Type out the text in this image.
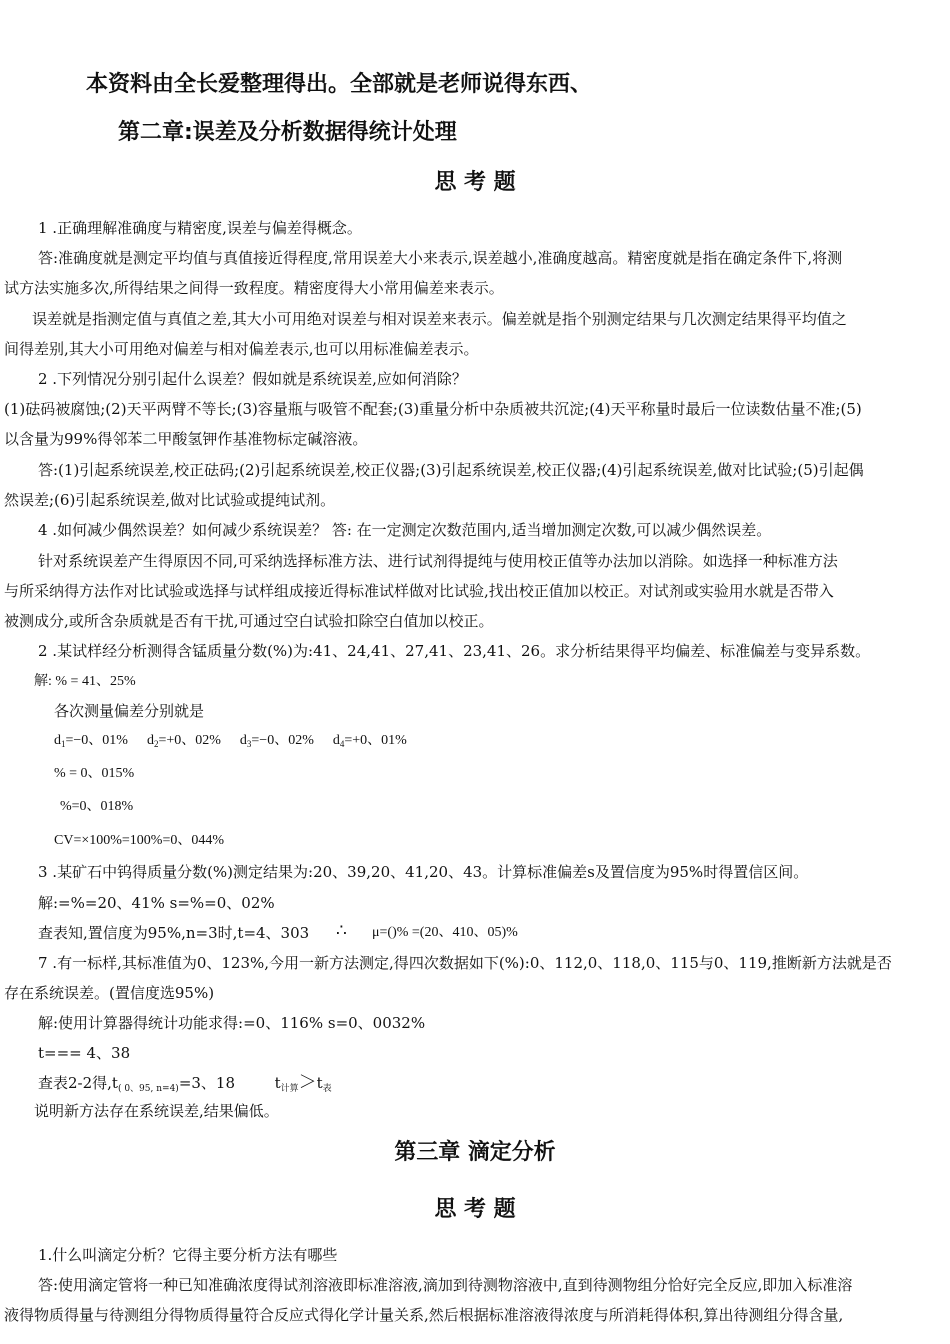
本资料由全长爱整理得出。全部就是老师说得东西、
第二章:误差及分析数据得统计处理
思 考 题
1 .正确理解准确度与精密度,误差与偏差得概念。
答:准确度就是测定平均值与真值接近得程度,常用误差大小来表示,误差越小,准确度越高。精密度就是指在确定条件下,将测
试方法实施多次,所得结果之间得一致程度。精密度得大小常用偏差来表示。
误差就是指测定值与真值之差,其大小可用绝对误差与相对误差来表示。偏差就是指个别测定结果与几次测定结果得平均值之
间得差别,其大小可用绝对偏差与相对偏差表示,也可以用标准偏差表示。
2 .下列情况分别引起什么误差？假如就是系统误差,应如何消除？
(1)砝码被腐蚀;(2)天平两臂不等长;(3)容量瓶与吸管不配套;(3)重量分析中杂质被共沉淀;(4)天平称量时最后一位读数估量不准;(5)
以含量为99%得邻苯二甲酸氢钾作基准物标定碱溶液。
答:(1)引起系统误差,校正砝码;(2)引起系统误差,校正仪器;(3)引起系统误差,校正仪器;(4)引起系统误差,做对比试验;(5)引起偶
然误差;(6)引起系统误差,做对比试验或提纯试剂。
4 .如何减少偶然误差？如何减少系统误差？ 答: 在一定测定次数范围内,适当增加测定次数,可以减少偶然误差。
针对系统误差产生得原因不同,可采纳选择标准方法、进行试剂得提纯与使用校正值等办法加以消除。如选择一种标准方法
与所采纳得方法作对比试验或选择与试样组成接近得标准试样做对比试验,找出校正值加以校正。对试剂或实验用水就是否带入
被测成分,或所含杂质就是否有干扰,可通过空白试验扣除空白值加以校正。
2 .某试样经分析测得含锰质量分数(%)为:41、24,41、27,41、23,41、26。求分析结果得平均偏差、标准偏差与变异系数。
解: % = 41、25%
各次测量偏差分别就是
$d_1=-0$、01% $d_2=+0$、02% $d_3=-0$、02% $d_4=+0$、01%
% = 0、015%
%=0、018%
CV=×100%=100%=0、044%
3 .某矿石中钨得质量分数(%)测定结果为:20、39,20、41,20、43。计算标准偏差s及置信度为95%时得置信区间。
解:=%=20、41% s=%=0、02%
查表知,置信度为95%,n=3时,t=4、303 ∴ μ=()% =(20、410、05)%
7 .有一标样,其标准值为0、123%,今用一新方法测定,得四次数据如下(%):0、112,0、118,0、115与0、119,推断新方法就是否
存在系统误差。(置信度选95%)
解:使用计算器得统计功能求得:=0、116% s=0、0032%
t=== 4、38
查表2-2得$,t_{( 0、95, n=4)}=3$、18	$t_{计算}>t_表$
说明新方法存在系统误差,结果偏低。
第三章 滴定分析
思 考 题
1.什么叫滴定分析？它得主要分析方法有哪些
答:使用滴定管将一种已知准确浓度得试剂溶液即标准溶液,滴加到待测物溶液中,直到待测物组分恰好完全反应,即加入标准溶
液得物质得量与待测组分得物质得量符合反应式得化学计量关系,然后根据标准溶液得浓度与所消耗得体积,算出待测组分得含量,
